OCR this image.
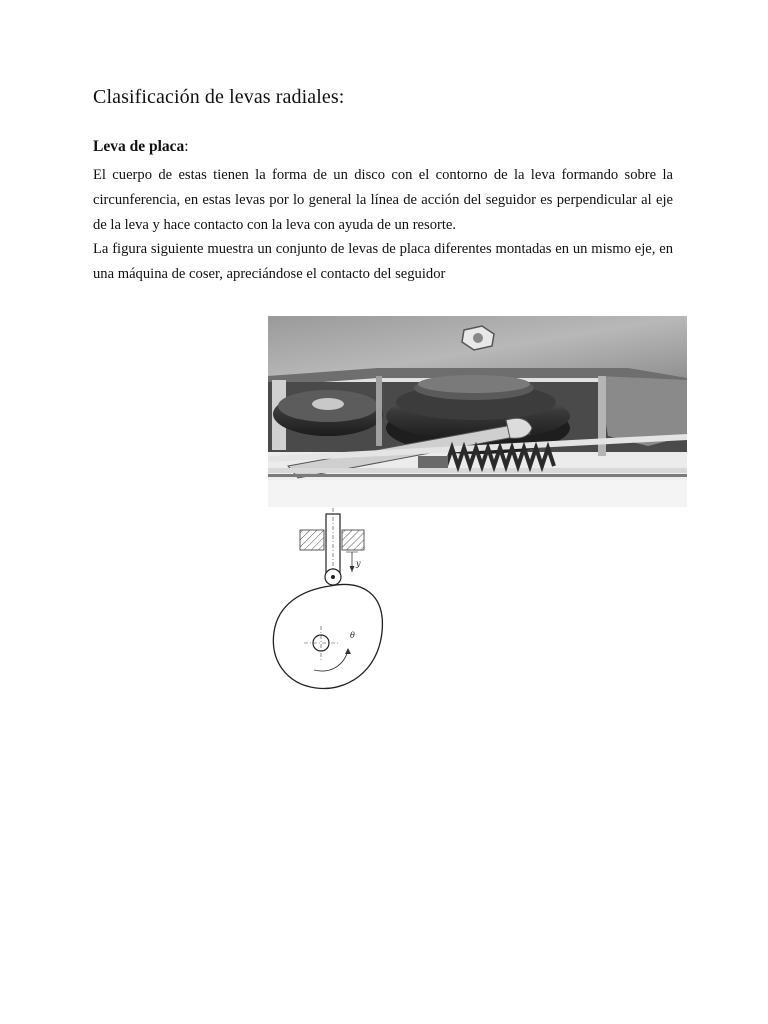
Clasificación de levas radiales:

Leva de placa:

El cuerpo de estas tienen la forma de un disco con el contorno de la leva formando sobre la circunferencia, en estas levas por lo general la línea de acción del seguidor es perpendicular al eje de la leva y hace contacto con la leva con ayuda de un resorte.

La figura siguiente muestra un conjunto de levas de placa diferentes montadas en un mismo eje, en una máquina de coser, apreciándose el contacto del seguidor

y
θ
